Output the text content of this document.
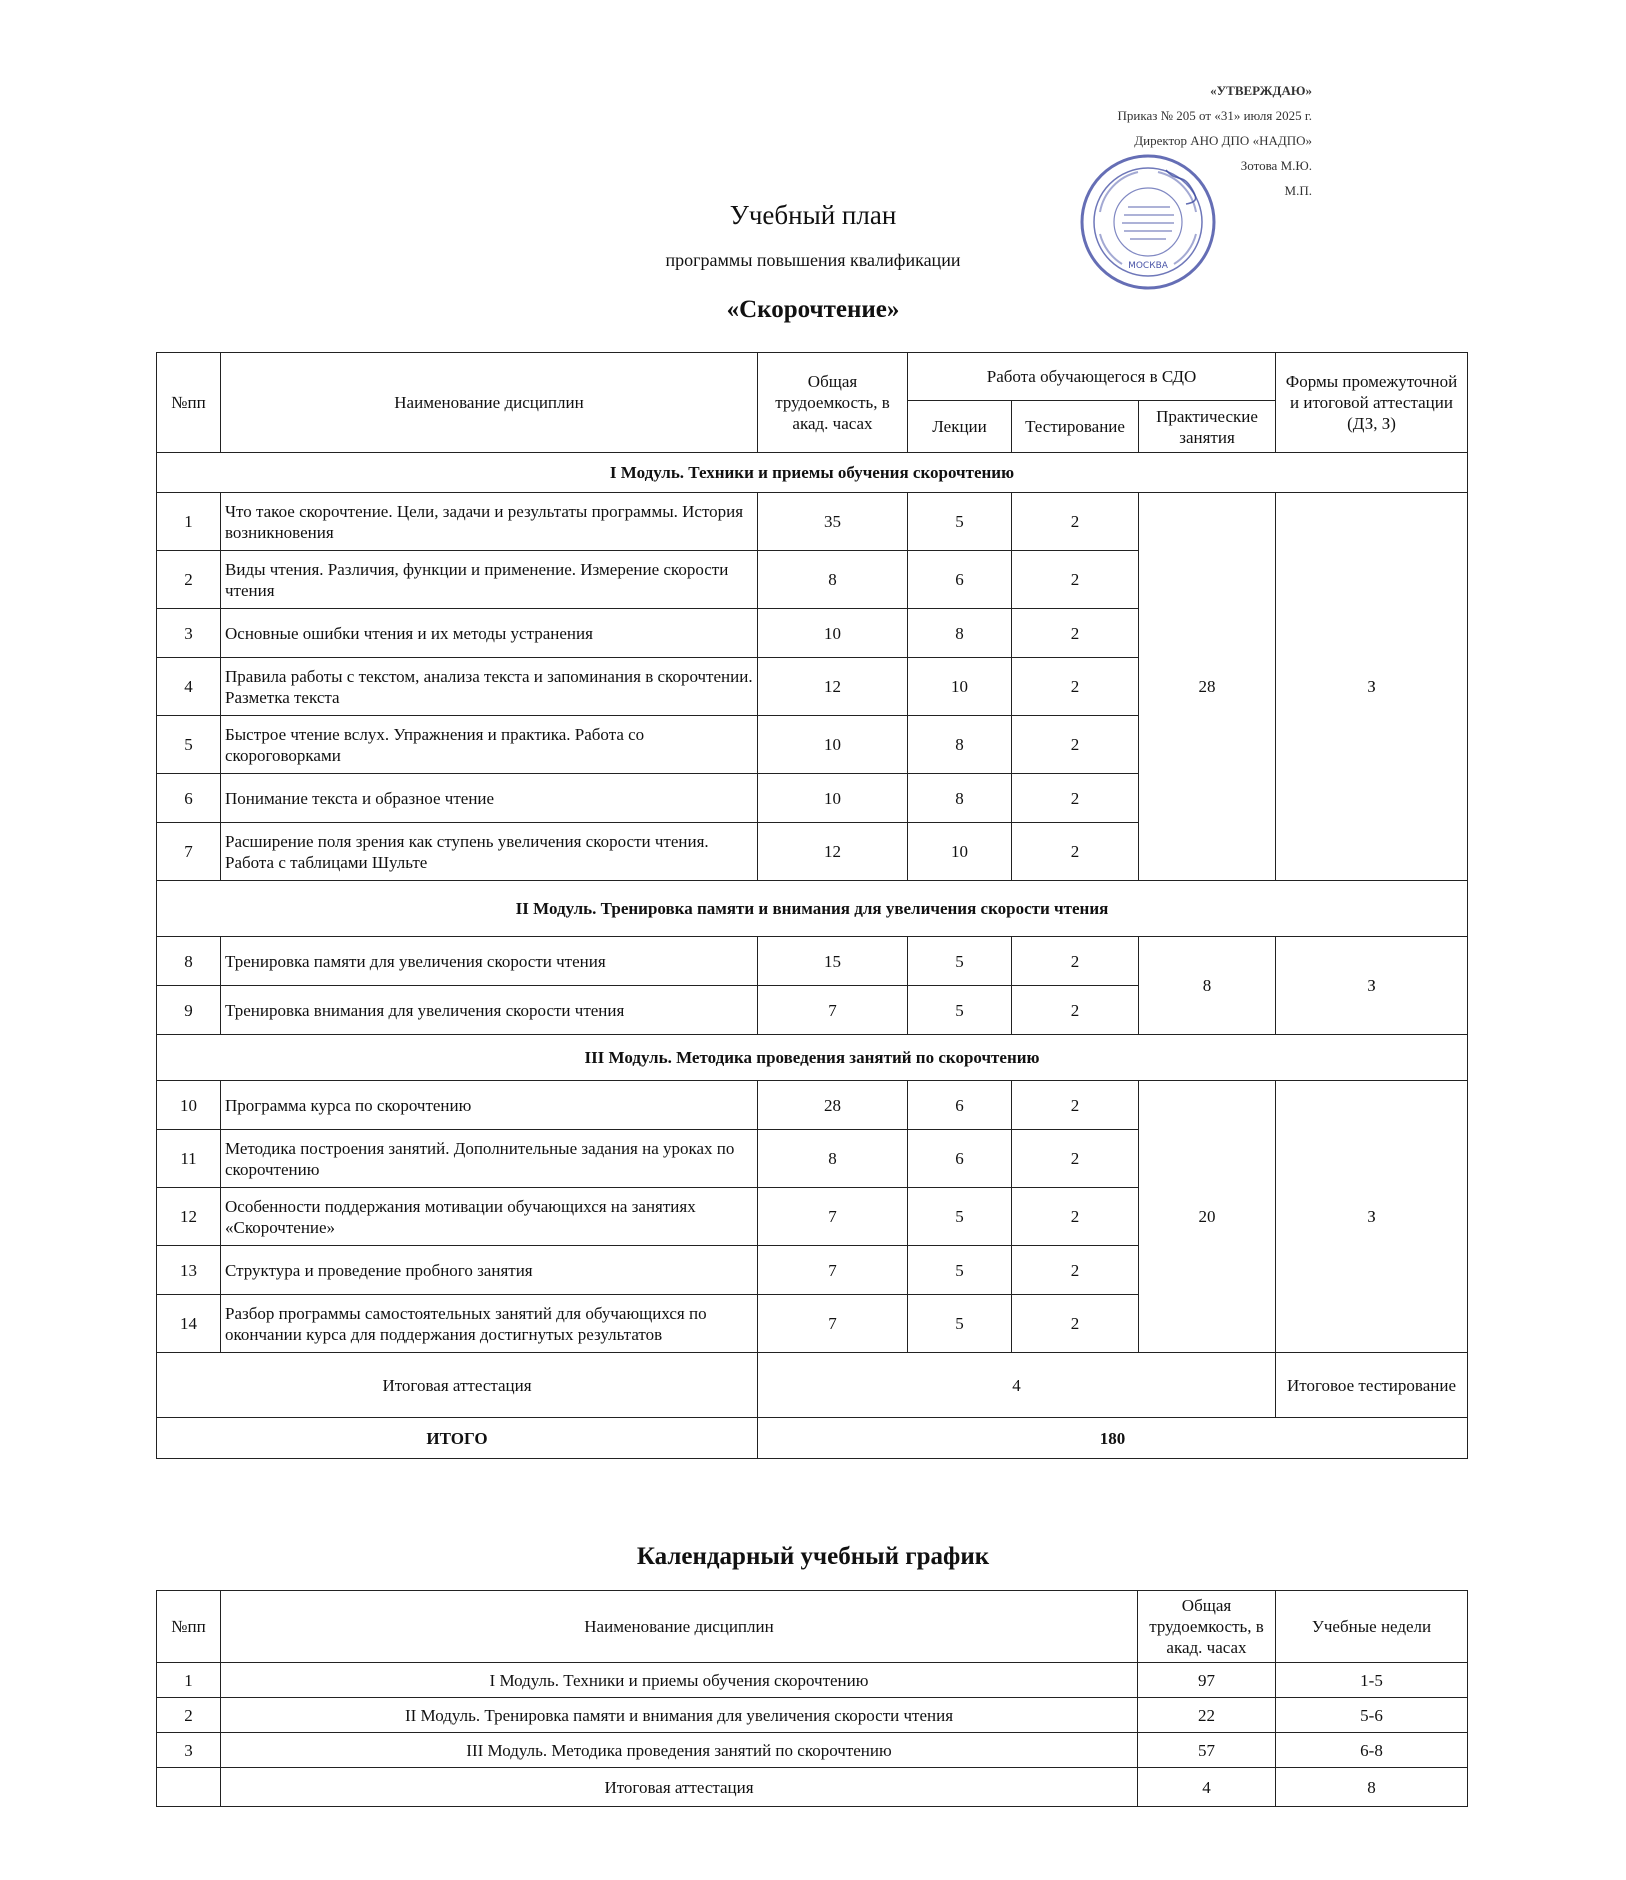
«УТВЕРЖДАЮ»
Приказ № 205 от «31» июля 2025 г.
Директор АНО ДПО «НАДПО»
Зотова М.Ю.
М.П.
МОСКВА
Учебный план
программы повышения квалификации
«Скорочтение»
№пп	Наименование дисциплин	Общая трудоемкость, в акад. часах	Работа обучающегося в СДО			Формы промежуточной и итоговой аттестации (ДЗ, З)
			Лекции	Тестирование	Практические занятия	
I Модуль. Техники и приемы обучения скорочтению						
1	Что такое скорочтение. Цели, задачи и результаты программы. История возникновения	35	5	2	28	З
2	Виды чтения. Различия, функции и применение. Измерение скорости чтения	8	6	2		
3	Основные ошибки чтения и их методы устранения	10	8	2		
4	Правила работы с текстом, анализа текста и запоминания в скорочтении. Разметка текста	12	10	2		
5	Быстрое чтение вслух. Упражнения и практика. Работа со скороговорками	10	8	2		
6	Понимание текста и образное чтение	10	8	2		
7	Расширение поля зрения как ступень увеличения скорости чтения. Работа с таблицами Шульте	12	10	2		
II Модуль. Тренировка памяти и внимания для увеличения скорости чтения						
8	Тренировка памяти для увеличения скорости чтения	15	5	2	8	З
9	Тренировка внимания для увеличения скорости чтения	7	5	2		
III Модуль. Методика проведения занятий по скорочтению						
10	Программа курса по скорочтению	28	6	2	20	З
11	Методика построения занятий. Дополнительные задания на уроках по скорочтению	8	6	2		
12	Особенности поддержания мотивации обучающихся на занятиях «Скорочтение»	7	5	2		
13	Структура и проведение пробного занятия	7	5	2		
14	Разбор программы самостоятельных занятий для обучающихся по окончании курса для поддержания достигнутых результатов	7	5	2		
Итоговая аттестация		4				Итоговое тестирование
ИТОГО		180				
Календарный учебный график
№пп	Наименование дисциплин	Общая трудоемкость, в акад. часах	Учебные недели
1	I Модуль. Техники и приемы обучения скорочтению	97	1-5
2	II Модуль. Тренировка памяти и внимания для увеличения скорости чтения	22	5-6
3	III Модуль. Методика проведения занятий по скорочтению	57	6-8
	Итоговая аттестация	4	8
